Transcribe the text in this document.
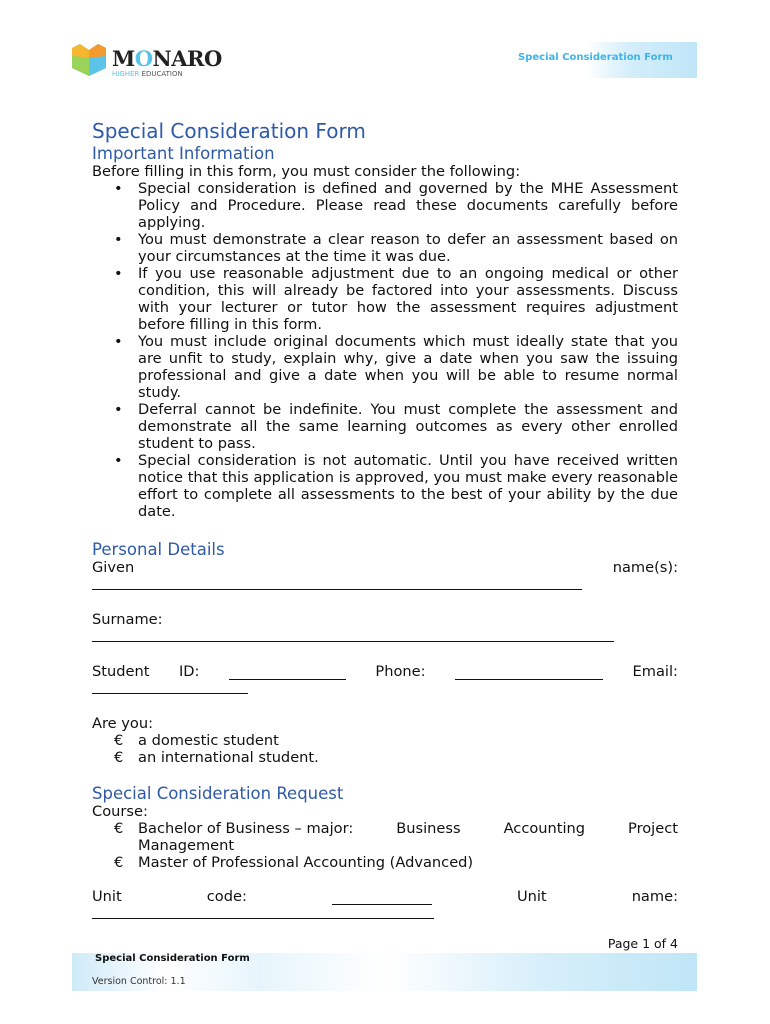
MONARO
HIGHER EDUCATION
Special Consideration Form
Special Consideration Form
Important Information

Before filling in this form, you must consider the following:

• Special consideration is defined and governed by the MHE Assessment Policy and Procedure. Please read these documents carefully before applying.
• You must demonstrate a clear reason to defer an assessment based on your circumstances at the time it was due.
• If you use reasonable adjustment due to an ongoing medical or other condition, this will already be factored into your assessments. Discuss with your lecturer or tutor how the assessment requires adjustment before filling in this form.
• You must include original documents which must ideally state that you are unfit to study, explain why, give a date when you saw the issuing professional and give a date when you will be able to resume normal study.
• Deferral cannot be indefinite. You must complete the assessment and demonstrate all the same learning outcomes as every other enrolled student to pass.
• Special consideration is not automatic. Until you have received written notice that this application is approved, you must make every reasonable effort to complete all assessments to the best of your ability by the due date.
Personal Details
Given	name(s):
Surname:
Student ID:	Phone:	Email:
Are you:
€ a domestic student
€ an international student.
Special Consideration Request
Course:
€ Bachelor of Business – major:	Business	Accounting	Project
Management
€ Master of Professional Accounting (Advanced)
Unit	code:	Unit	name:
Page 1 of 4
Special Consideration Form
Version Control: 1.1
